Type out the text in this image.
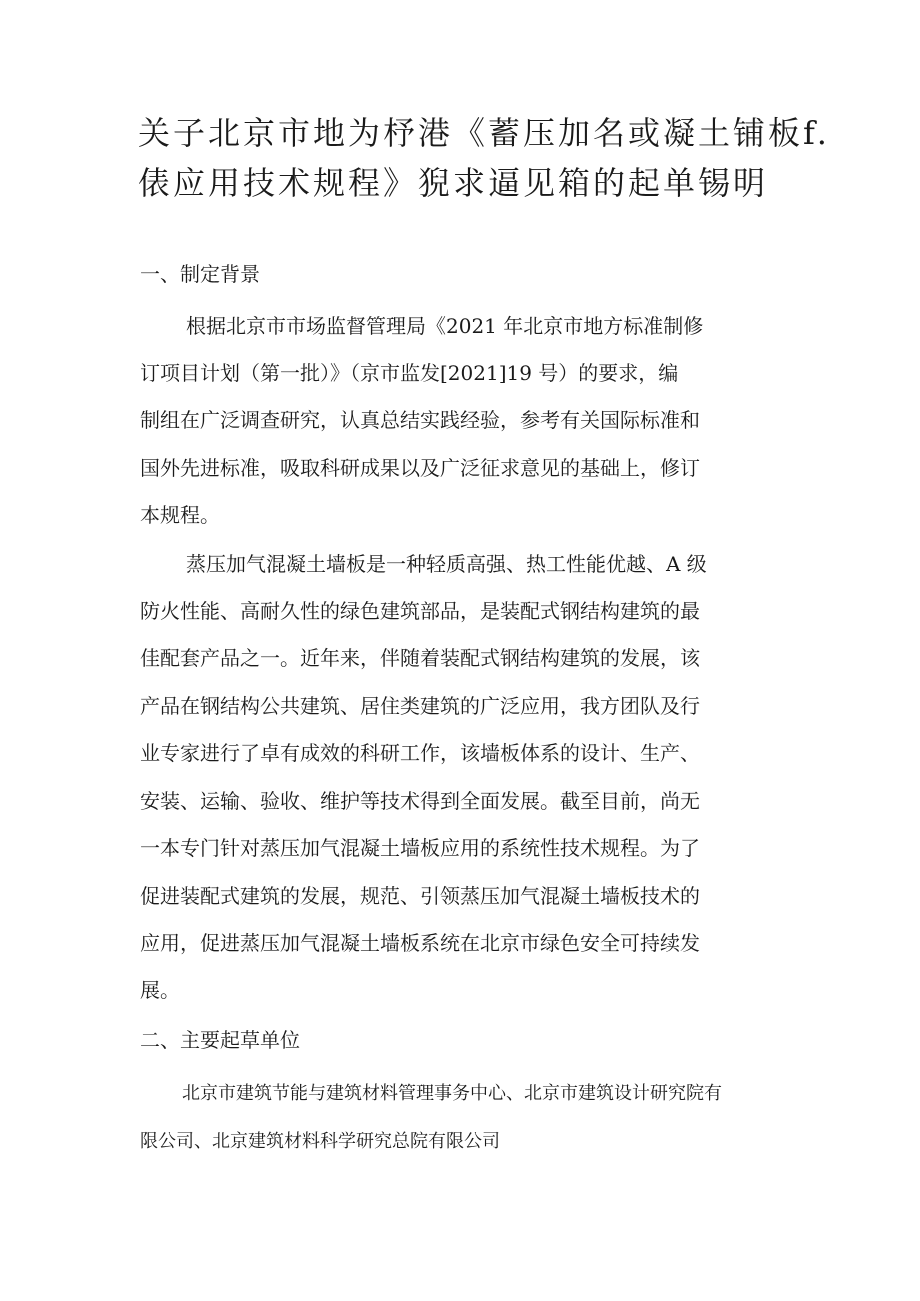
关子北京市地为杼港《蓄压加名或凝土铺板f.
俵应用技术规程》猊求逼见箱的起单锡明
一、制定背景
根据北京市市场监督管理局《2021 年北京市地方标准制修
订项目计划（第一批）》（京市监发[2021]19 号）的要求，编
制组在广泛调查研究，认真总结实践经验，参考有关国际标准和
国外先进标准，吸取科研成果以及广泛征求意见的基础上，修订
本规程。
蒸压加气混凝土墙板是一种轻质高强、热工性能优越、A 级
防火性能、高耐久性的绿色建筑部品，是装配式钢结构建筑的最
佳配套产品之一。近年来，伴随着装配式钢结构建筑的发展，该
产品在钢结构公共建筑、居住类建筑的广泛应用，我方团队及行
业专家进行了卓有成效的科研工作，该墙板体系的设计、生产、
安装、运输、验收、维护等技术得到全面发展。截至目前，尚无
一本专门针对蒸压加气混凝土墙板应用的系统性技术规程。为了
促进装配式建筑的发展，规范、引领蒸压加气混凝土墙板技术的
应用，促进蒸压加气混凝土墙板系统在北京市绿色安全可持续发
展。
二、主要起草单位
北京市建筑节能与建筑材料管理事务中心、北京市建筑设计研究院有
限公司、北京建筑材料科学研究总院有限公司
